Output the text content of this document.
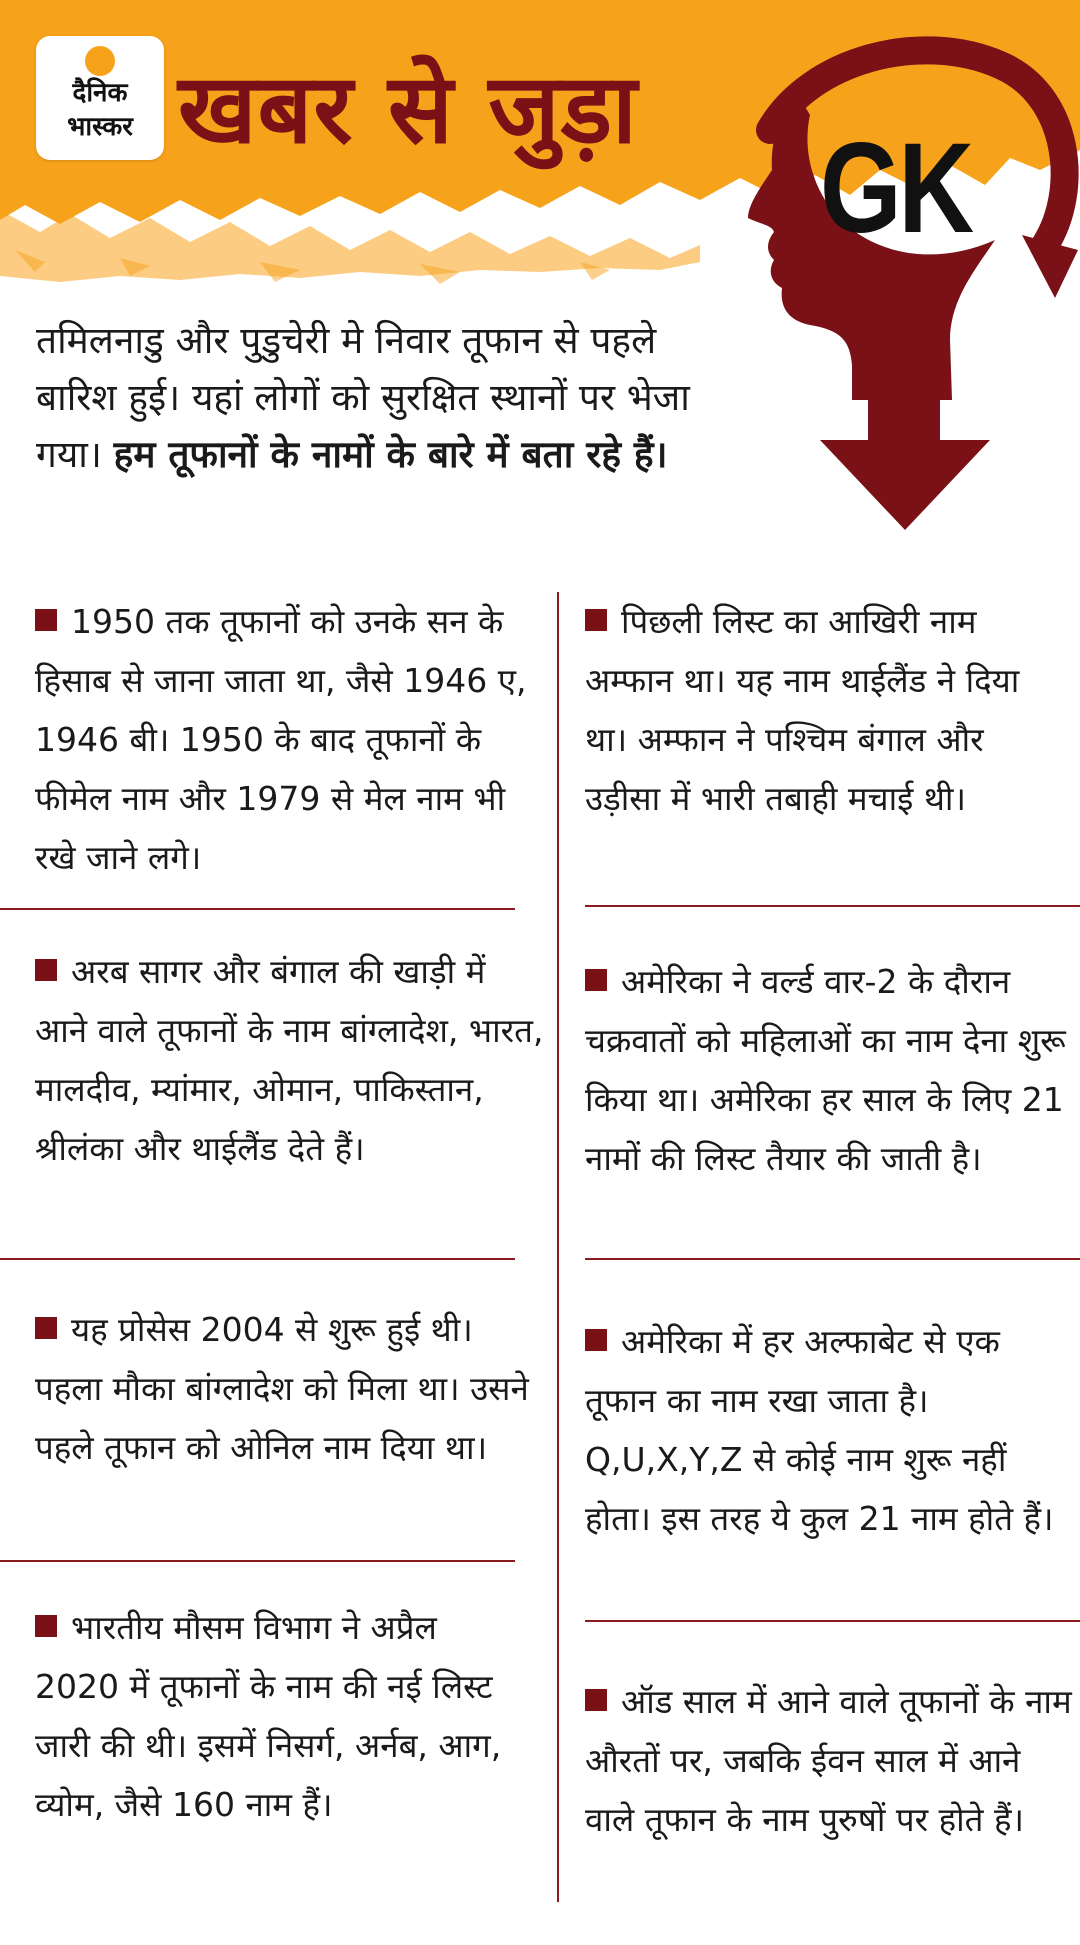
दैनिक
भास्कर खबर से जुड़ा
GK
तमिलनाडु और पुडुचेरी मे निवार तूफान से पहले बारिश हुई। यहां लोगों को सुरक्षित स्थानों पर भेजा गया। हम तूफानों के नामों के बारे में बता रहे हैं।
1950 तक तूफानों को उनके सन के हिसाब से जाना जाता था, जैसे 1946 ए, 1946 बी। 1950 के बाद तूफानों के फीमेल नाम और 1979 से मेल नाम भी रखे जाने लगे।
अरब सागर और बंगाल की खाड़ी में आने वाले तूफानों के नाम बांग्लादेश, भारत, मालदीव, म्यांमार, ओमान, पाकिस्तान, श्रीलंका और थाईलैंड देते हैं।
यह प्रोसेस 2004 से शुरू हुई थी। पहला मौका बांग्लादेश को मिला था। उसने पहले तूफान को ओनिल नाम दिया था।
भारतीय मौसम विभाग ने अप्रैल 2020 में तूफानों के नाम की नई लिस्ट जारी की थी। इसमें निसर्ग, अर्नब, आग, व्योम, जैसे 160 नाम हैं।
पिछली लिस्ट का आखिरी नाम अम्फान था। यह नाम थाईलैंड ने दिया था। अम्फान ने पश्चिम बंगाल और उड़ीसा में भारी तबाही मचाई थी।
अमेरिका ने वर्ल्ड वार-2 के दौरान चक्रवातों को महिलाओं का नाम देना शुरू किया था। अमेरिका हर साल के लिए 21 नामों की लिस्ट तैयार की जाती है।
अमेरिका में हर अल्फाबेट से एक तूफान का नाम रखा जाता है। Q,U,X,Y,Z से कोई नाम शुरू नहीं होता। इस तरह ये कुल 21 नाम होते हैं।
ऑड साल में आने वाले तूफानों के नाम औरतों पर, जबकि ईवन साल में आने वाले तूफान के नाम पुरुषों पर होते हैं।
